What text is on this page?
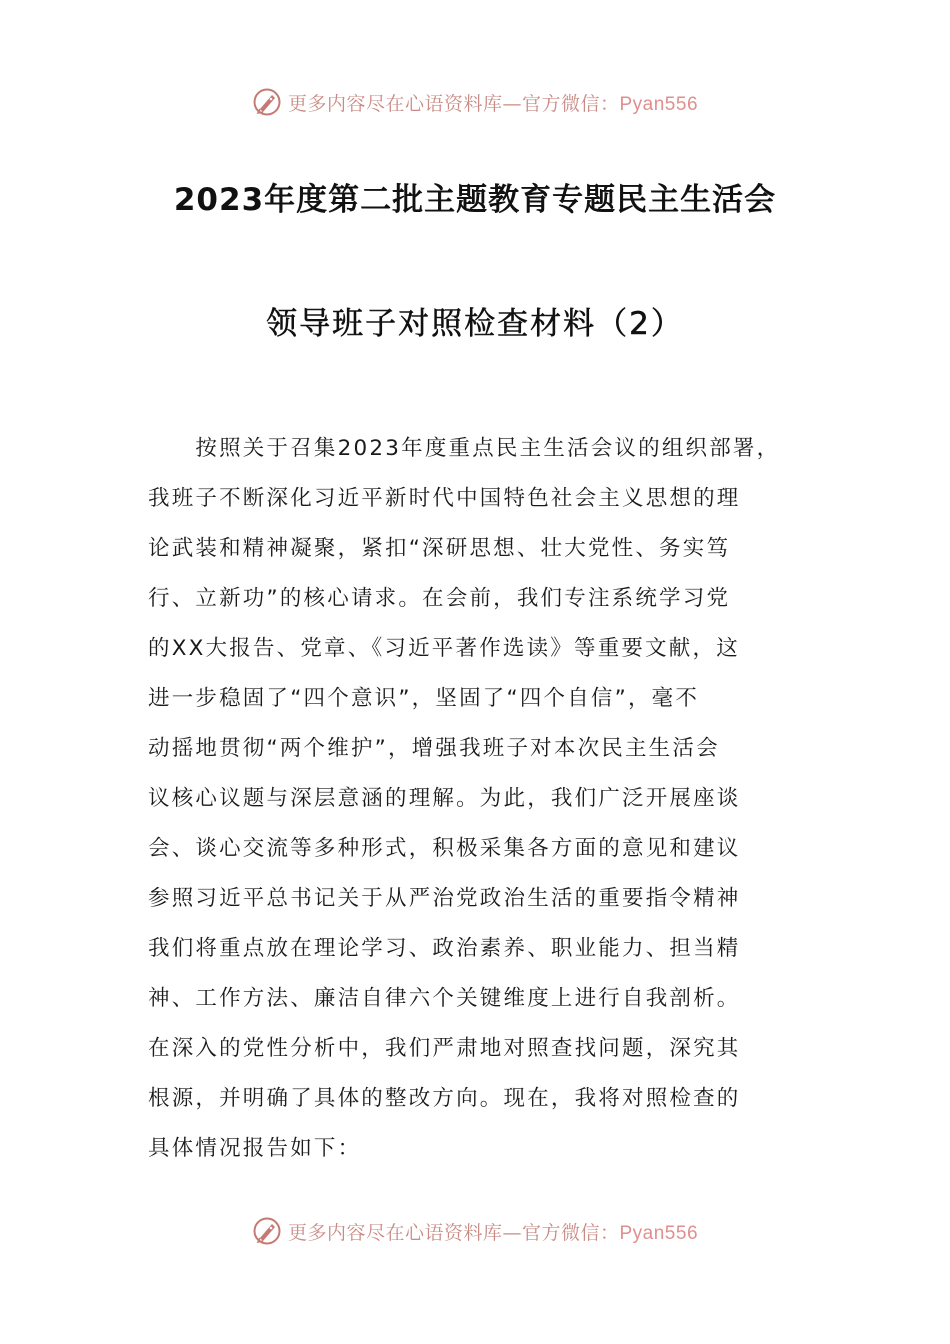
更多内容尽在心语资料库—官方微信：Pyan556
2023年度第二批主题教育专题民主生活会
领导班子对照检查材料（2）
　　按照关于召集2023年度重点民主生活会议的组织部署，
我班子不断深化习近平新时代中国特色社会主义思想的理
论武装和精神凝聚，紧扣“深研思想、壮大党性、务实笃
行、立新功”的核心请求。在会前，我们专注系统学习党
的XX大报告、党章、《习近平著作选读》等重要文献，这
进一步稳固了“四个意识”，坚固了“四个自信”，毫不
动摇地贯彻“两个维护”，增强我班子对本次民主生活会
议核心议题与深层意涵的理解。为此，我们广泛开展座谈
会、谈心交流等多种形式，积极采集各方面的意见和建议
参照习近平总书记关于从严治党政治生活的重要指令精神
我们将重点放在理论学习、政治素养、职业能力、担当精
神、工作方法、廉洁自律六个关键维度上进行自我剖析。
在深入的党性分析中，我们严肃地对照查找问题，深究其
根源，并明确了具体的整改方向。现在，我将对照检查的
具体情况报告如下：
更多内容尽在心语资料库—官方微信：Pyan556
